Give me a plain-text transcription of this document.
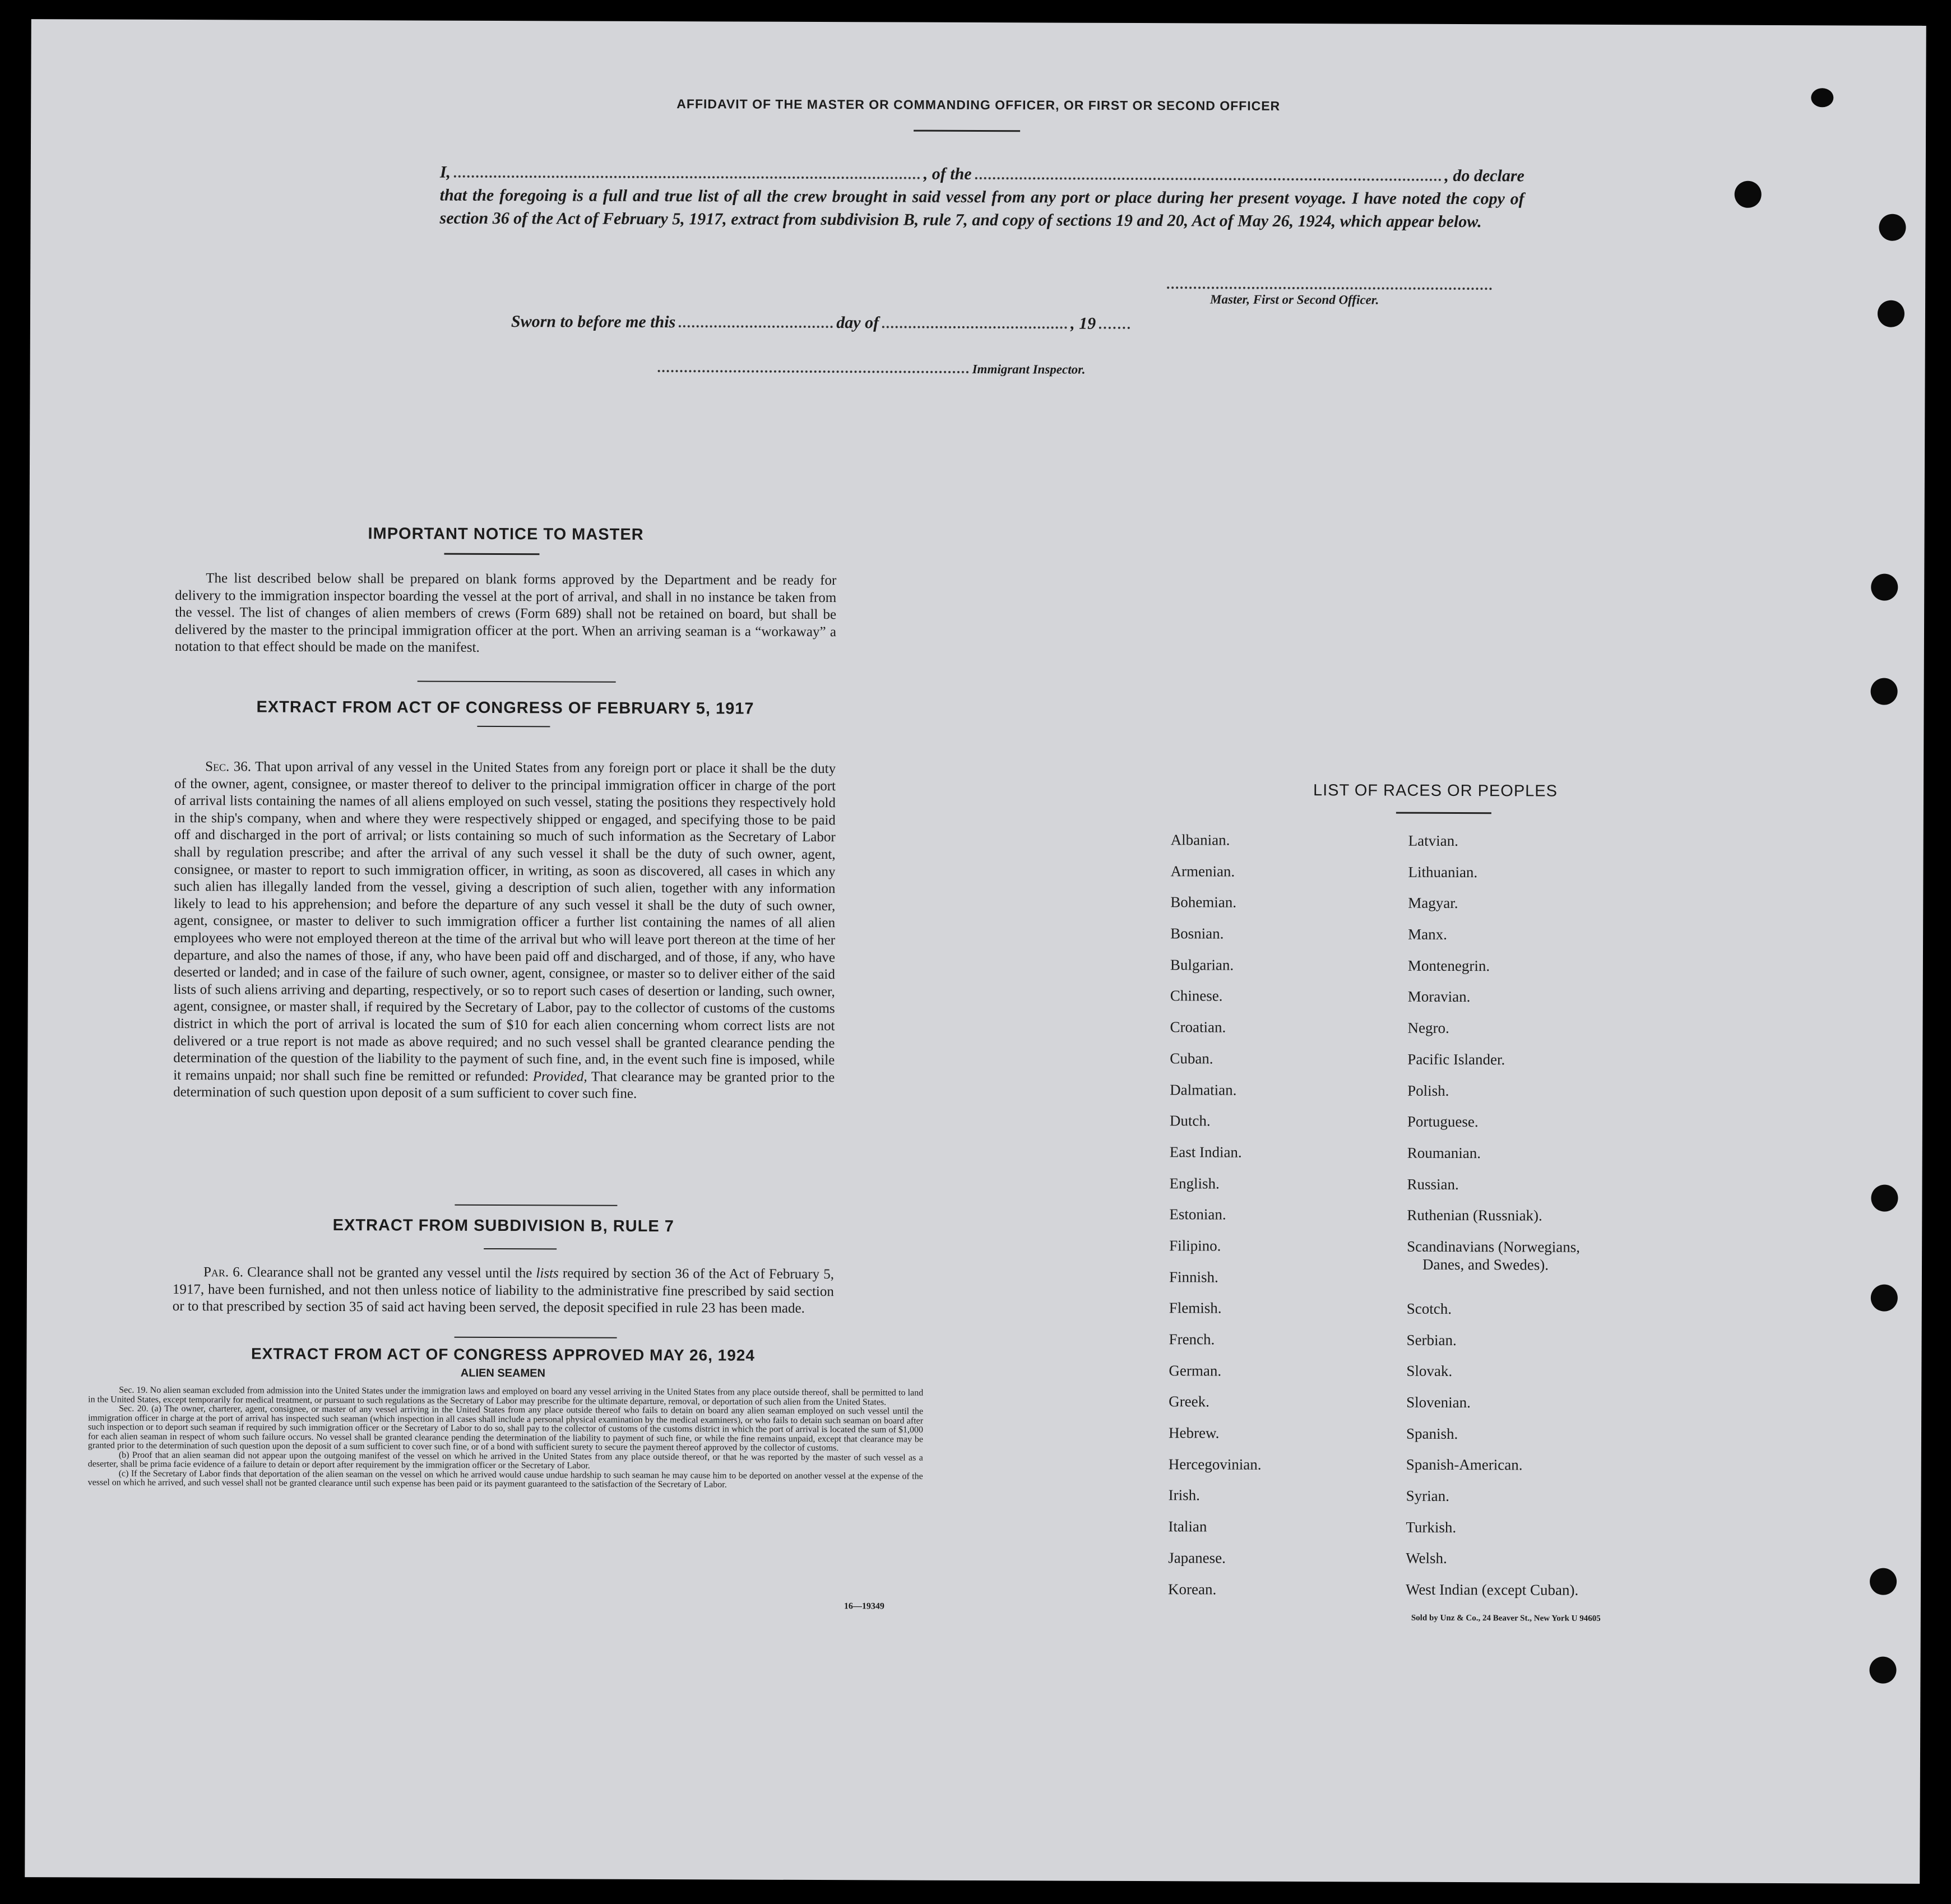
AFFIDAVIT OF THE MASTER OR COMMANDING OFFICER, OR FIRST OR SECOND OFFICER
I,	, of the	, do declare
that the foregoing is a full and true list of all the crew brought in said vessel from any port or place during her present voyage. I have noted the copy of section 36 of the Act of February 5, 1917, extract from subdivision B, rule 7, and copy of sections 19 and 20, Act of May 26, 1924, which appear below.
Master, First or Second Officer.
Sworn to before me this	day of	, 19
Immigrant Inspector.
IMPORTANT NOTICE TO MASTER

The list described below shall be prepared on blank forms approved by the Department and be ready for delivery to the immigration inspector boarding the vessel at the port of arrival, and shall in no instance be taken from the vessel. The list of changes of alien members of crews (Form 689) shall not be retained on board, but shall be delivered by the master to the principal immigration officer at the port. When an arriving seaman is a “workaway” a notation to that effect should be made on the manifest.

EXTRACT FROM ACT OF CONGRESS OF FEBRUARY 5, 1917

Sec. 36. That upon arrival of any vessel in the United States from any foreign port or place it shall be the duty of the owner, agent, consignee, or master thereof to deliver to the principal immigration officer in charge of the port of arrival lists containing the names of all aliens employed on such vessel, stating the positions they respectively hold in the ship's company, when and where they were respectively shipped or engaged, and specifying those to be paid off and discharged in the port of arrival; or lists containing so much of such information as the Secretary of Labor shall by regulation prescribe; and after the arrival of any such vessel it shall be the duty of such owner, agent, consignee, or master to report to such immigration officer, in writing, as soon as discovered, all cases in which any such alien has illegally landed from the vessel, giving a description of such alien, together with any information likely to lead to his apprehension; and before the departure of any such vessel it shall be the duty of such owner, agent, consignee, or master to deliver to such immigration officer a further list containing the names of all alien employees who were not employed thereon at the time of the arrival but who will leave port thereon at the time of her departure, and also the names of those, if any, who have been paid off and discharged, and of those, if any, who have deserted or landed; and in case of the failure of such owner, agent, consignee, or master so to deliver either of the said lists of such aliens arriving and departing, respectively, or so to report such cases of desertion or landing, such owner, agent, consignee, or master shall, if required by the Secretary of Labor, pay to the collector of customs of the customs district in which the port of arrival is located the sum of $10 for each alien concerning whom correct lists are not delivered or a true report is not made as above required; and no such vessel shall be granted clearance pending the determination of the question of the liability to the payment of such fine, and, in the event such fine is imposed, while it remains unpaid; nor shall such fine be remitted or refunded: Provided, That clearance may be granted prior to the determination of such question upon deposit of a sum sufficient to cover such fine.

EXTRACT FROM SUBDIVISION B, RULE 7

Par. 6. Clearance shall not be granted any vessel until the lists required by section 36 of the Act of February 5, 1917, have been furnished, and not then unless notice of liability to the administrative fine prescribed by said section or to that prescribed by section 35 of said act having been served, the deposit specified in rule 23 has been made.

EXTRACT FROM ACT OF CONGRESS APPROVED MAY 26, 1924
ALIEN SEAMEN

Sec. 19. No alien seaman excluded from admission into the United States under the immigration laws and employed on board any vessel arriving in the United States from any place outside thereof, shall be permitted to land in the United States, except temporarily for medical treatment, or pursuant to such regulations as the Secretary of Labor may prescribe for the ultimate departure, removal, or deportation of such alien from the United States.

Sec. 20. (a) The owner, charterer, agent, consignee, or master of any vessel arriving in the United States from any place outside thereof who fails to detain on board any alien seaman employed on such vessel until the immigration officer in charge at the port of arrival has inspected such seaman (which inspection in all cases shall include a personal physical examination by the medical examiners), or who fails to detain such seaman on board after such inspection or to deport such seaman if required by such immigration officer or the Secretary of Labor to do so, shall pay to the collector of customs of the customs district in which the port of arrival is located the sum of $1,000 for each alien seaman in respect of whom such failure occurs. No vessel shall be granted clearance pending the determination of the liability to payment of such fine, or while the fine remains unpaid, except that clearance may be granted prior to the determination of such question upon the deposit of a sum sufficient to cover such fine, or of a bond with sufficient surety to secure the payment thereof approved by the collector of customs.

(b) Proof that an alien seaman did not appear upon the outgoing manifest of the vessel on which he arrived in the United States from any place outside thereof, or that he was reported by the master of such vessel as a deserter, shall be prima facie evidence of a failure to detain or deport after requirement by the immigration officer or the Secretary of Labor.

(c) If the Secretary of Labor finds that deportation of the alien seaman on the vessel on which he arrived would cause undue hardship to such seaman he may cause him to be deported on another vessel at the expense of the vessel on which he arrived, and such vessel shall not be granted clearance until such expense has been paid or its payment guaranteed to the satisfaction of the Secretary of Labor.

16—19349
LIST OF RACES OR PEOPLES
Albanian.
Armenian.
Bohemian.
Bosnian.
Bulgarian.
Chinese.
Croatian.
Cuban.
Dalmatian.
Dutch.
East Indian.
English.
Estonian.
Filipino.
Finnish.
Flemish.
French.
German.
Greek.
Hebrew.
Hercegovinian.
Irish.
Italian
Japanese.
Korean.
Latvian.
Lithuanian.
Magyar.
Manx.
Montenegrin.
Moravian.
Negro.
Pacific Islander.
Polish.
Portuguese.
Roumanian.
Russian.
Ruthenian (Russniak).
Scandinavians (Norwegians,
Danes, and Swedes).
Scotch.
Serbian.
Slovak.
Slovenian.
Spanish.
Spanish-American.
Syrian.
Turkish.
Welsh.
West Indian (except Cuban).
Sold by Unz & Co., 24 Beaver St., New York U 94605
